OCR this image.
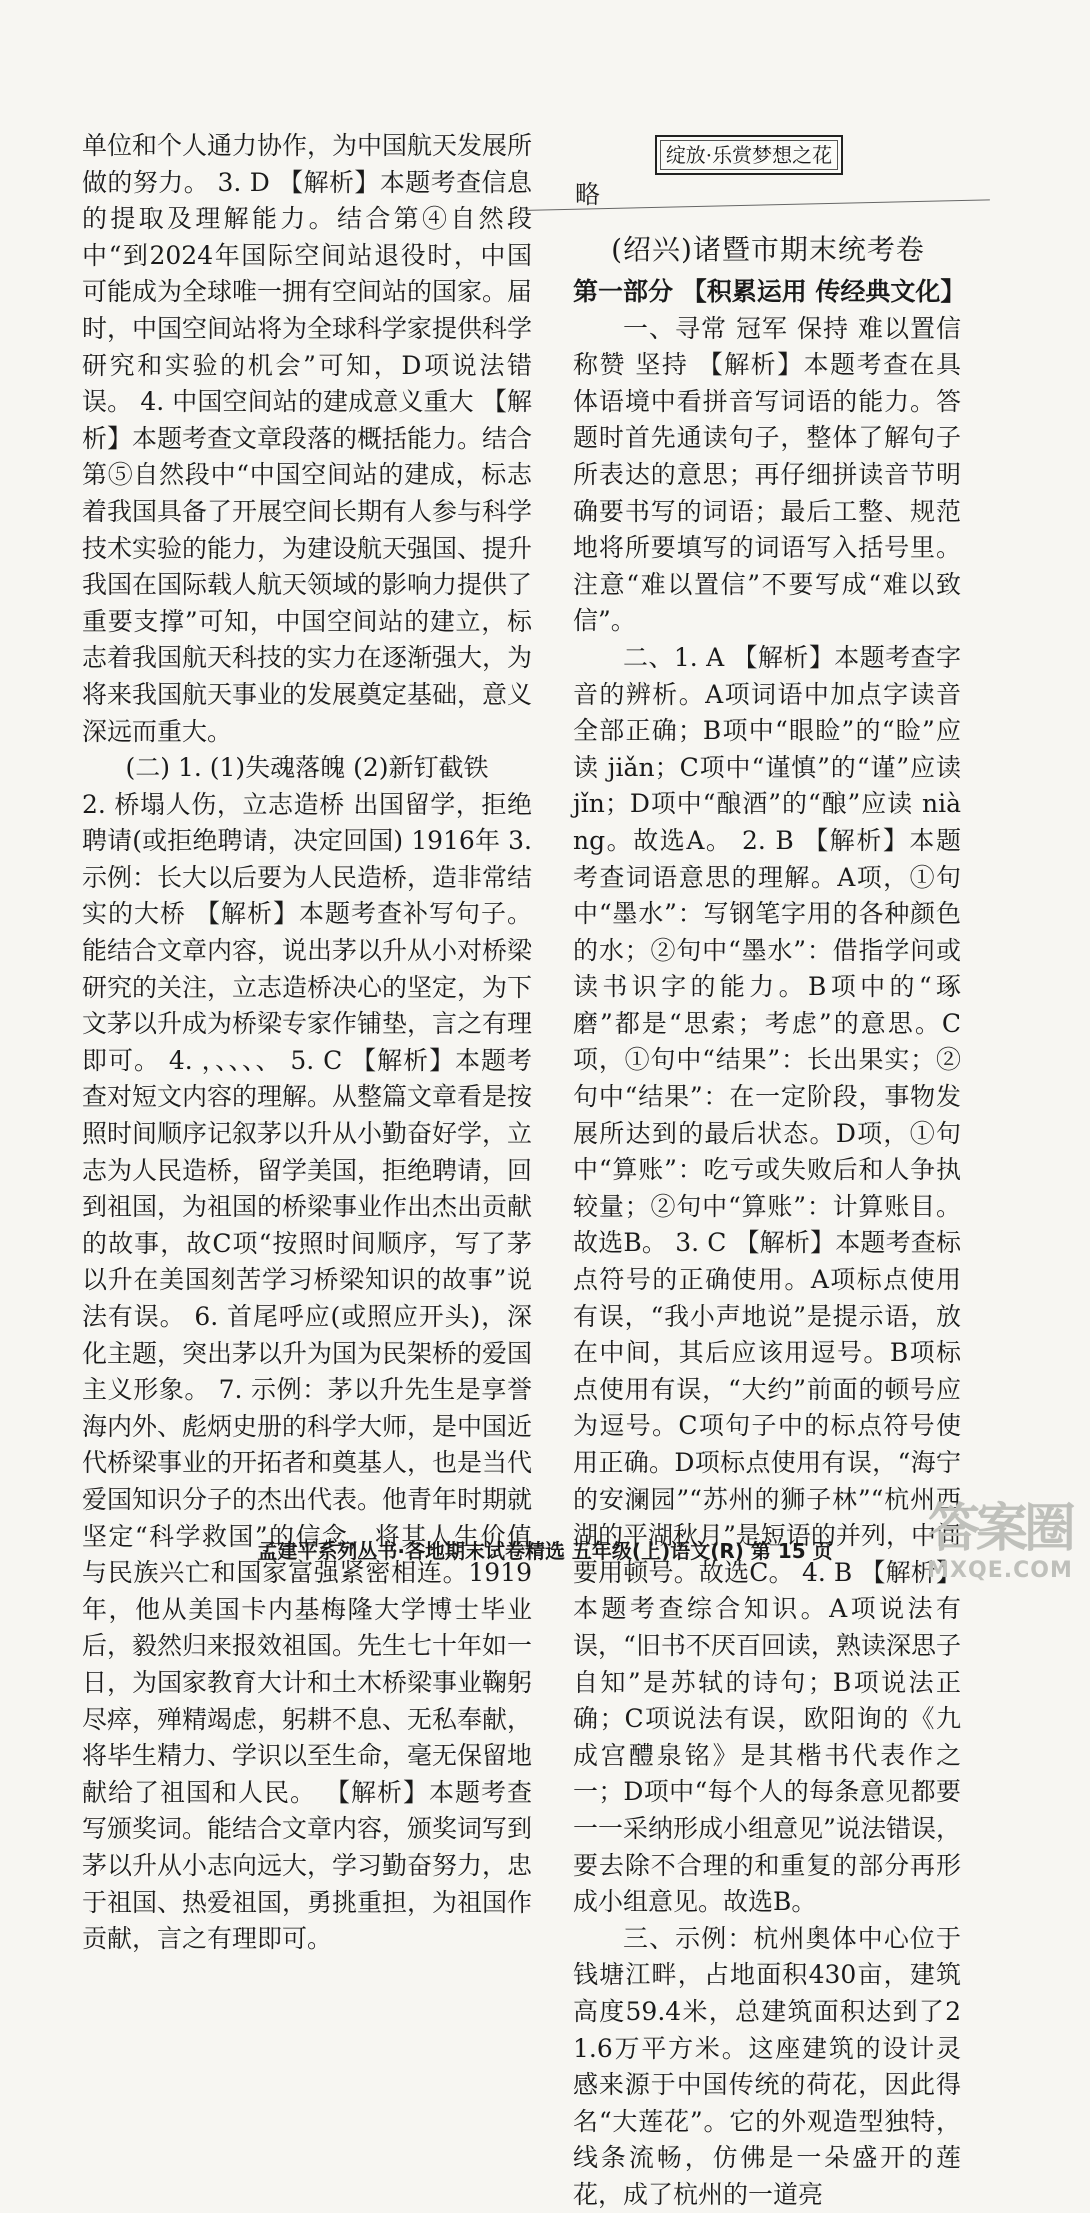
单位和个人通力协作，为中国航天发展所做的努力。 3. D 【解析】本题考查信息的提取及理解能力。结合第④自然段中“到2024年国际空间站退役时，中国可能成为全球唯一拥有空间站的国家。届时，中国空间站将为全球科学家提供科学研究和实验的机会”可知，D项说法错误。 4. 中国空间站的建成意义重大 【解析】本题考查文章段落的概括能力。结合第⑤自然段中“中国空间站的建成，标志着我国具备了开展空间长期有人参与科学技术实验的能力，为建设航天强国、提升我国在国际载人航天领域的影响力提供了重要支撑”可知，中国空间站的建立，标志着我国航天科技的实力在逐渐强大，为将来我国航天事业的发展奠定基础，意义深远而重大。

(二) 1. (1)失魂落魄 (2)新钉截铁

2. 桥塌人伤，立志造桥 出国留学，拒绝聘请(或拒绝聘请，决定回国) 1916年 3. 示例：长大以后要为人民造桥，造非常结实的大桥 【解析】本题考查补写句子。能结合文章内容，说出茅以升从小对桥梁研究的关注，立志造桥决心的坚定，为下文茅以升成为桥梁专家作铺垫，言之有理即可。 4. ，、、、、 5. C 【解析】本题考查对短文内容的理解。从整篇文章看是按照时间顺序记叙茅以升从小勤奋好学，立志为人民造桥，留学美国，拒绝聘请，回到祖国，为祖国的桥梁事业作出杰出贡献的故事，故C项“按照时间顺序，写了茅以升在美国刻苦学习桥梁知识的故事”说法有误。 6. 首尾呼应(或照应开头)，深化主题，突出茅以升为国为民架桥的爱国主义形象。 7. 示例：茅以升先生是享誉海内外、彪炳史册的科学大师，是中国近代桥梁事业的开拓者和奠基人，也是当代爱国知识分子的杰出代表。他青年时期就坚定“科学救国”的信念，将其人生价值与民族兴亡和国家富强紧密相连。1919年，他从美国卡内基梅隆大学博士毕业后，毅然归来报效祖国。先生七十年如一日，为国家教育大计和土木桥梁事业鞠躬尽瘁，殚精竭虑，躬耕不息、无私奉献，将毕生精力、学识以至生命，毫无保留地献给了祖国和人民。 【解析】本题考查写颁奖词。能结合文章内容，颁奖词写到茅以升从小志向远大，学习勤奋努力，忠于祖国、热爱祖国，勇挑重担，为祖国作贡献，言之有理即可。

绽放·乐赏梦想之花
略
(绍兴)诸暨市期末统考卷

第一部分 【积累运用 传经典文化】

一、寻常 冠军 保持 难以置信 称赞 坚持 【解析】本题考查在具体语境中看拼音写词语的能力。答题时首先通读句子，整体了解句子所表达的意思；再仔细拼读音节明确要书写的词语；最后工整、规范地将所要填写的词语写入括号里。注意“难以置信”不要写成“难以致信”。

二、1. A 【解析】本题考查字音的辨析。A项词语中加点字读音全部正确；B项中“眼睑”的“睑”应读 jiǎn；C项中“谨慎”的“谨”应读 jǐn；D项中“酿酒”的“酿”应读 niàng。故选A。 2. B 【解析】本题考查词语意思的理解。A项，①句中“墨水”：写钢笔字用的各种颜色的水；②句中“墨水”：借指学问或读书识字的能力。B项中的“琢磨”都是“思索；考虑”的意思。C项，①句中“结果”：长出果实；②句中“结果”：在一定阶段，事物发展所达到的最后状态。D项，①句中“算账”：吃亏或失败后和人争执较量；②句中“算账”：计算账目。故选B。 3. C 【解析】本题考查标点符号的正确使用。A项标点使用有误，“我小声地说”是提示语，放在中间，其后应该用逗号。B项标点使用有误，“大约”前面的顿号应为逗号。C项句子中的标点符号使用正确。D项标点使用有误，“海宁的安澜园”“苏州的狮子林”“杭州西湖的平湖秋月”是短语的并列，中间要用顿号。故选C。 4. B 【解析】本题考查综合知识。A项说法有误，“旧书不厌百回读，熟读深思子自知”是苏轼的诗句；B项说法正确；C项说法有误，欧阳询的《九成宫醴泉铭》是其楷书代表作之一；D项中“每个人的每条意见都要一一采纳形成小组意见”说法错误，要去除不合理的和重复的部分再形成小组意见。故选B。

三、示例：杭州奥体中心位于钱塘江畔，占地面积430亩，建筑高度59.4米，总建筑面积达到了21.6万平方米。这座建筑的设计灵感来源于中国传统的荷花，因此得名“大莲花”。它的外观造型独特，线条流畅，仿佛是一朵盛开的莲花，成了杭州的一道亮

孟建平系列丛书·各地期末试卷精选 五年级(上)语文(R) 第 15 页	答案圈
MXQE.COM
